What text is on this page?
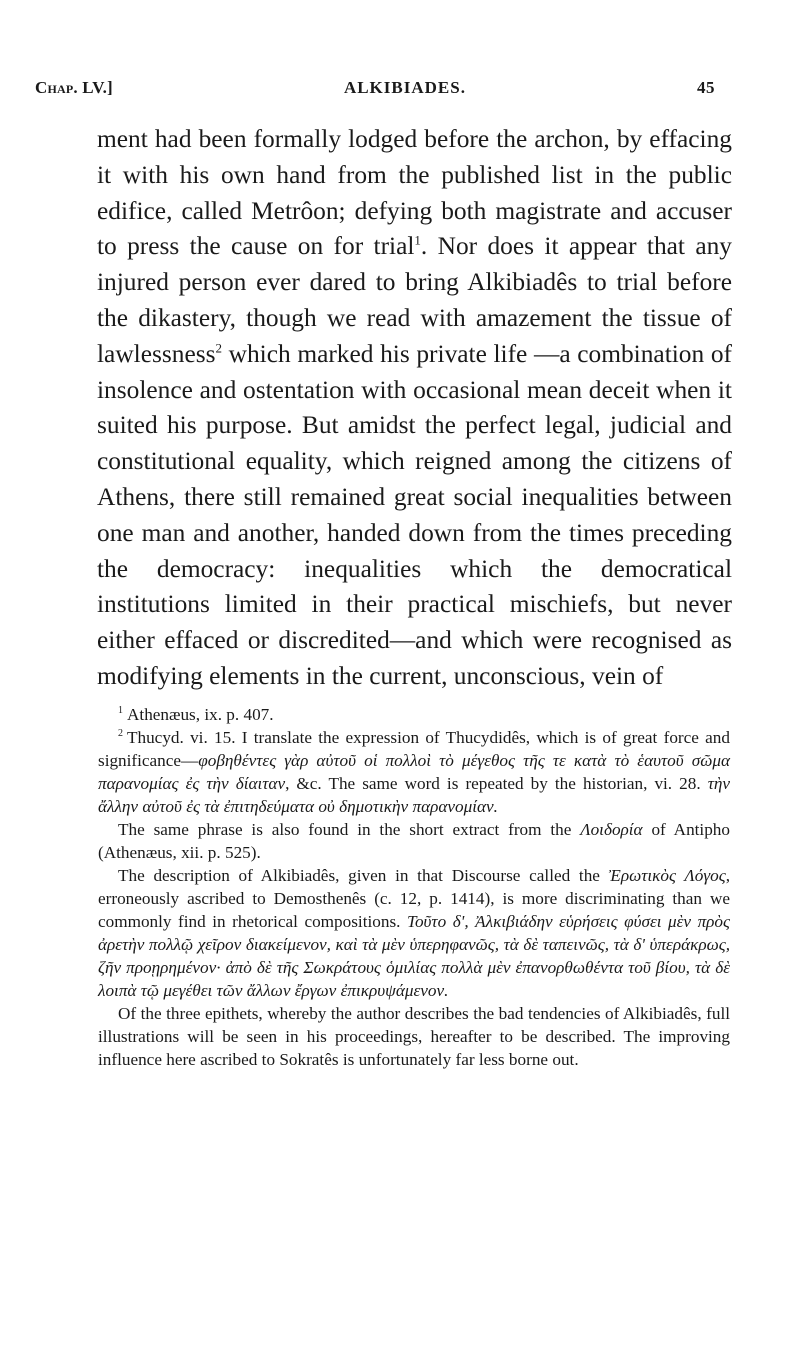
Chap. LV.]	ALKIBIADES.	45

ment had been formally lodged before the archon, by effacing it with his own hand from the published list in the public edifice, called Metrôon; defying both magistrate and accuser to press the cause on for trial$^1$. Nor does it appear that any injured person ever dared to bring Alkibiadês to trial before the dikastery, though we read with amazement the tissue of lawlessness$^2$ which marked his private life —a combination of insolence and ostentation with occasional mean deceit when it suited his purpose. But amidst the perfect legal, judicial and constitutional equality, which reigned among the citizens of Athens, there still remained great social inequalities between one man and another, handed down from the times preceding the democracy: inequalities which the democratical institutions limited in their practical mischiefs, but never either effaced or discredited—and which were recognised as modifying elements in the current, unconscious, vein of

$^1$ Athenæus, ix. p. 407.

$^2$ Thucyd. vi. 15. I translate the expression of Thucydidês, which is of great force and significance—φοβηθέντες γὰρ αὐτοῦ οἱ πολλοὶ τὸ μέγεθος τῆς τε κατὰ τὸ ἑαυτοῦ σῶμα παρανομίας ἐς τὴν δίαιταν, &c. The same word is repeated by the historian, vi. 28. τὴν ἄλλην αὐτοῦ ἐς τὰ ἐπιτηδεύματα οὐ δημοτικὴν παρανομίαν.

The same phrase is also found in the short extract from the Λοιδορία of Antipho (Athenæus, xii. p. 525).

The description of Alkibiadês, given in that Discourse called the Ἐρωτικὸς Λόγος, erroneously ascribed to Demosthenês (c. 12, p. 1414), is more discriminating than we commonly find in rhetorical compositions. Τοῦτο δ', Ἀλκιβιάδην εὑρήσεις φύσει μὲν πρὸς ἀρετὴν πολλῷ χεῖρον διακείμενον, καὶ τὰ μὲν ὑπερηφανῶς, τὰ δὲ ταπεινῶς, τὰ δ' ὑπεράκρως, ζῆν προῃρημένον· ἀπὸ δὲ τῆς Σωκράτους ὁμιλίας πολλὰ μὲν ἐπανορθωθέντα τοῦ βίου, τὰ δὲ λοιπὰ τῷ μεγέθει τῶν ἄλλων ἔργων ἐπικρυψάμενον.

Of the three epithets, whereby the author describes the bad tendencies of Alkibiadês, full illustrations will be seen in his proceedings, hereafter to be described. The improving influence here ascribed to Sokratês is unfortunately far less borne out.
